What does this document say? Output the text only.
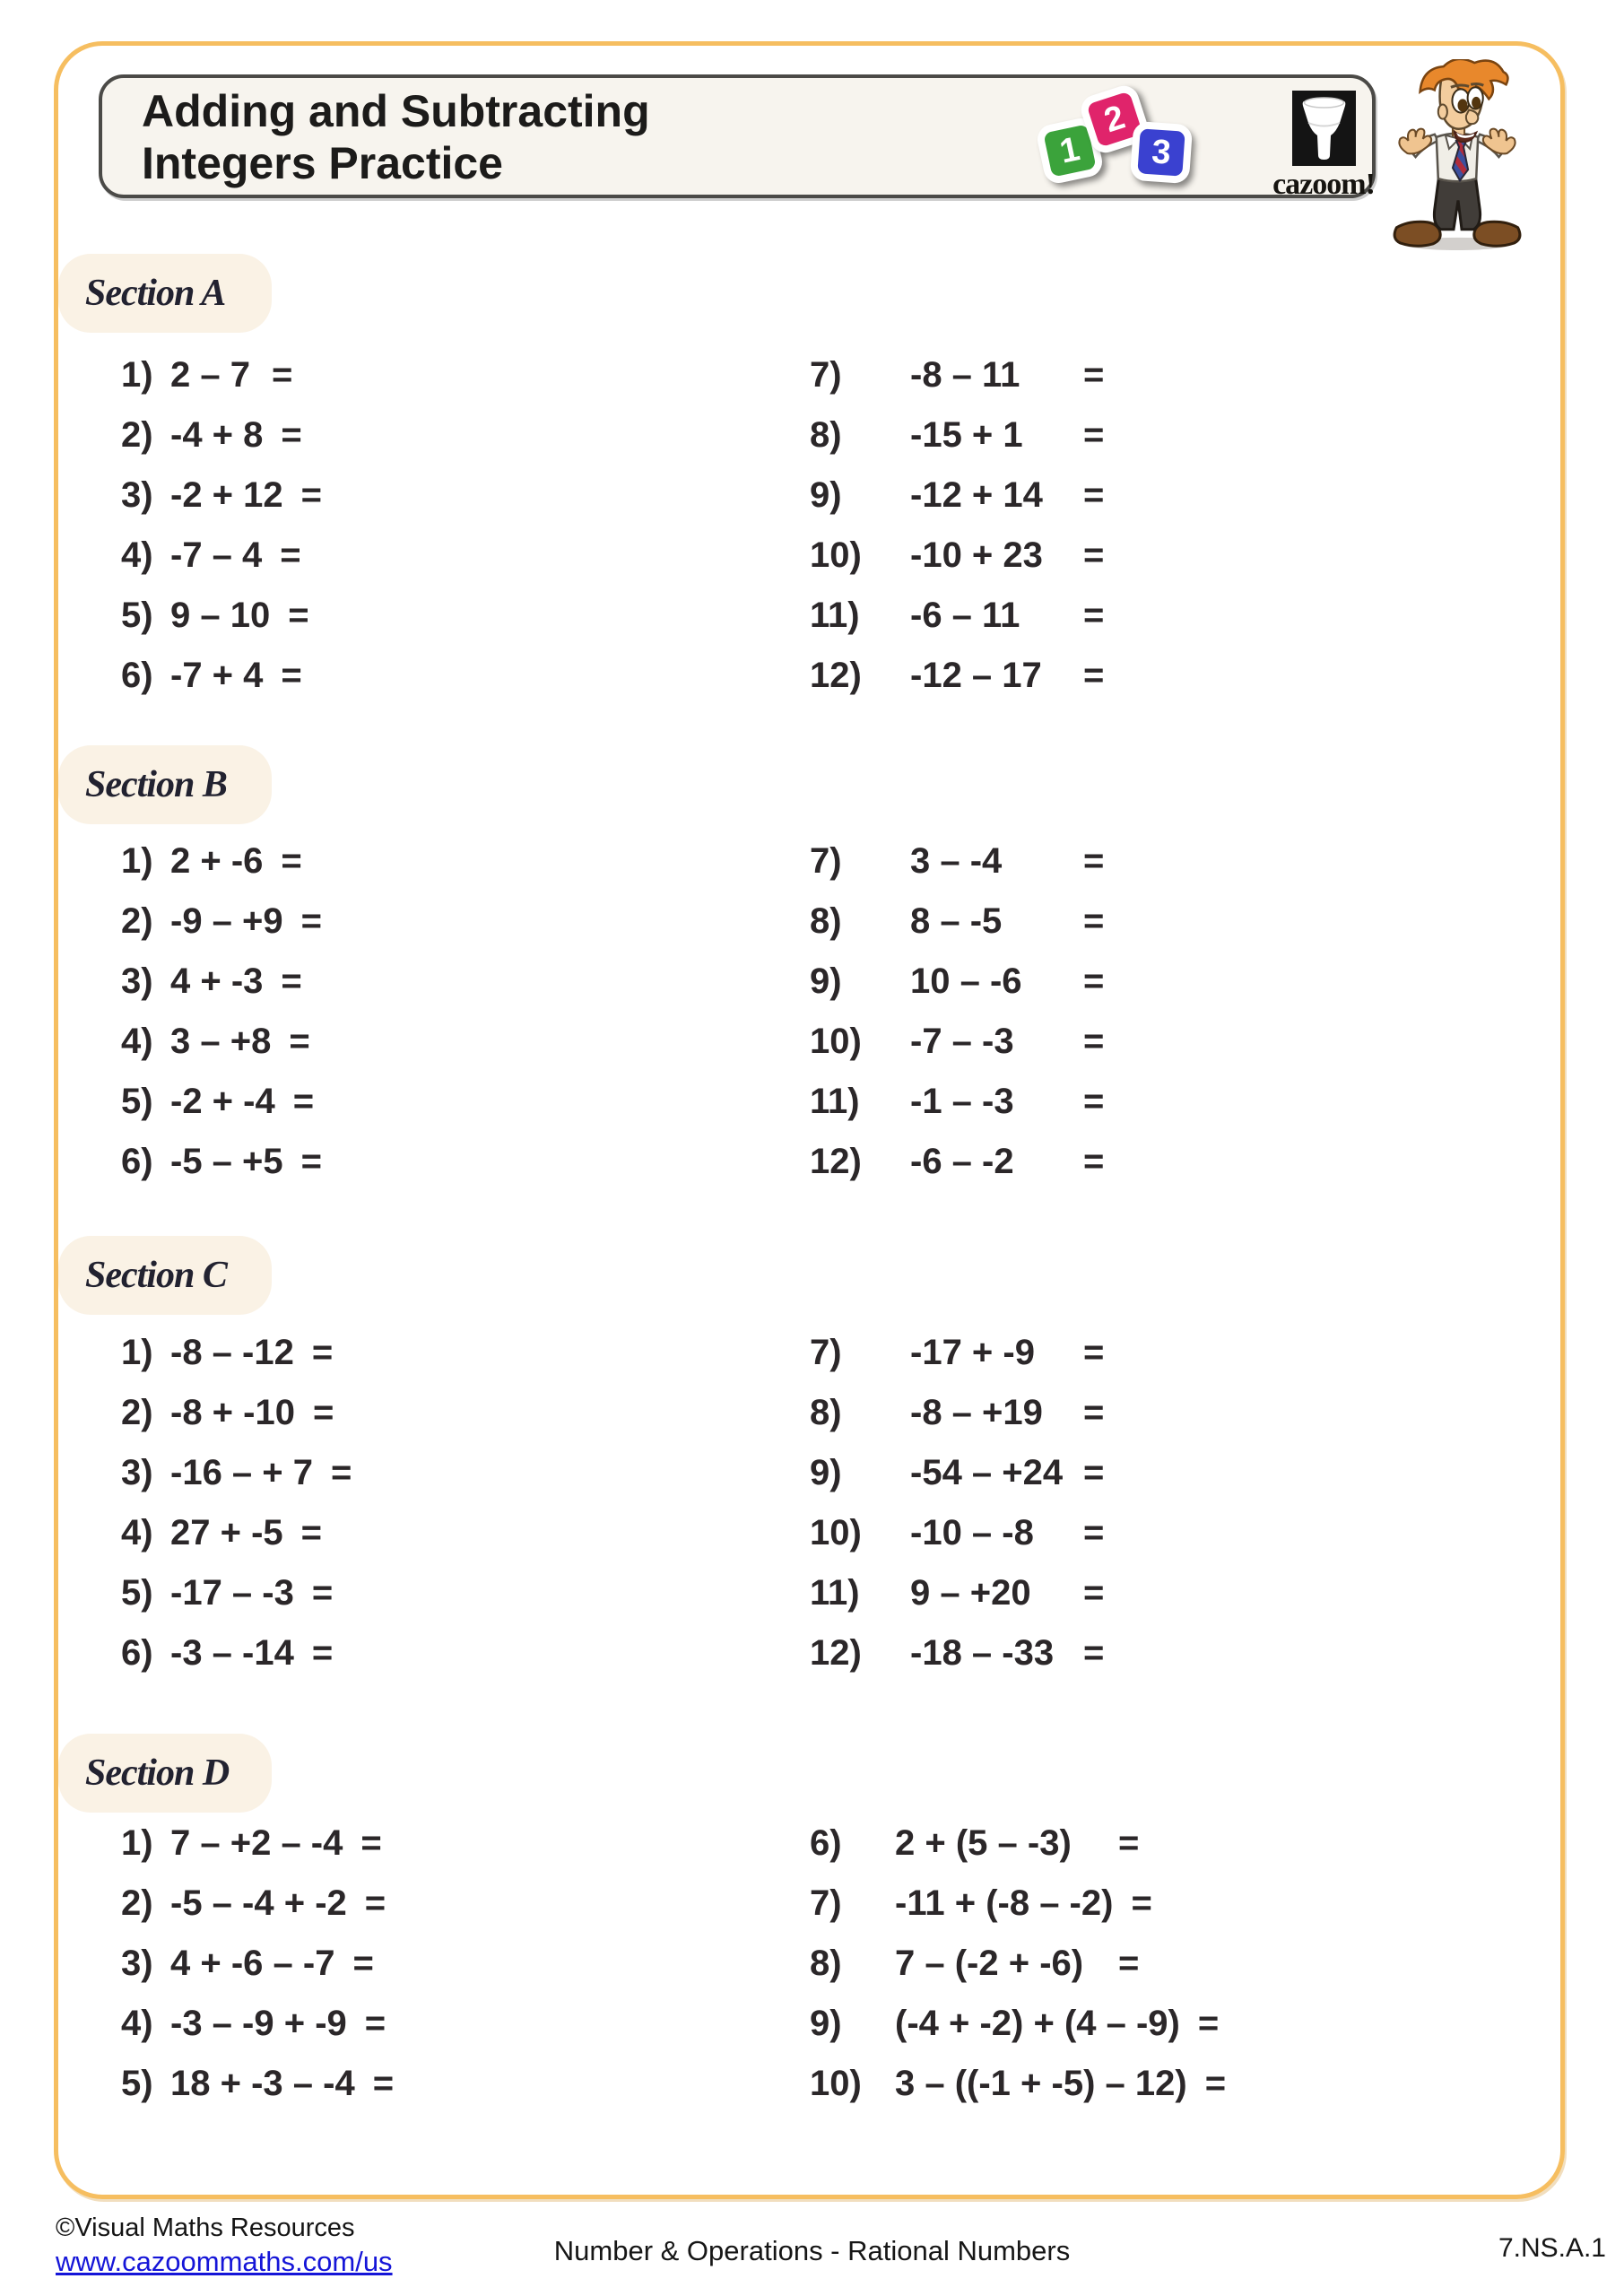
Adding and Subtracting
Integers Practice	1
2
3
cazoom!
Section A
Section B
Section C
Section D
1) 2 – 7 =
2) -4 + 8 =
3) -2 + 12 =
4) -7 – 4 =
5) 9 – 10 =
6) -7 + 4 =
7)	-8 – 11	=
8)	-15 + 1	=
9)	-12 + 14	=
10)	-10 + 23	=
11)	-6 – 11	=
12)	-12 – 17	=
1) 2 + -6 =
2) -9 – +9 =
3) 4 + -3 =
4) 3 – +8 =
5) -2 + -4 =
6) -5 – +5 =
7)	3 – -4	=
8)	8 – -5	=
9)	10 – -6	=
10)	-7 – -3	=
11)	-1 – -3	=
12)	-6 – -2	=
1) -8 – -12 =
2) -8 + -10 =
3) -16 – + 7 =
4) 27 + -5 =
5) -17 – -3 =
6) -3 – -14 =
7)	-17 + -9	=
8)	-8 – +19	=
9)	-54 – +24 =
10)	-10 – -8	=
11)	9 – +20	=
12)	-18 – -33 =
1) 7 – +2 – -4 =
2) -5 – -4 + -2 =
3) 4 + -6 – -7 =
4) -3 – -9 + -9 =
5) 18 + -3 – -4 =
6)	2 + (5 – -3)	=
7)	-11 + (-8 – -2) =
8)	7 – (-2 + -6) =
9)	(-4 + -2) + (4 – -9) =
10) 3 – ((-1 + -5) – 12) =
©Visual Maths Resources
www.cazoommaths.com/us	Number & Operations - Rational Numbers	7.NS.A.1
